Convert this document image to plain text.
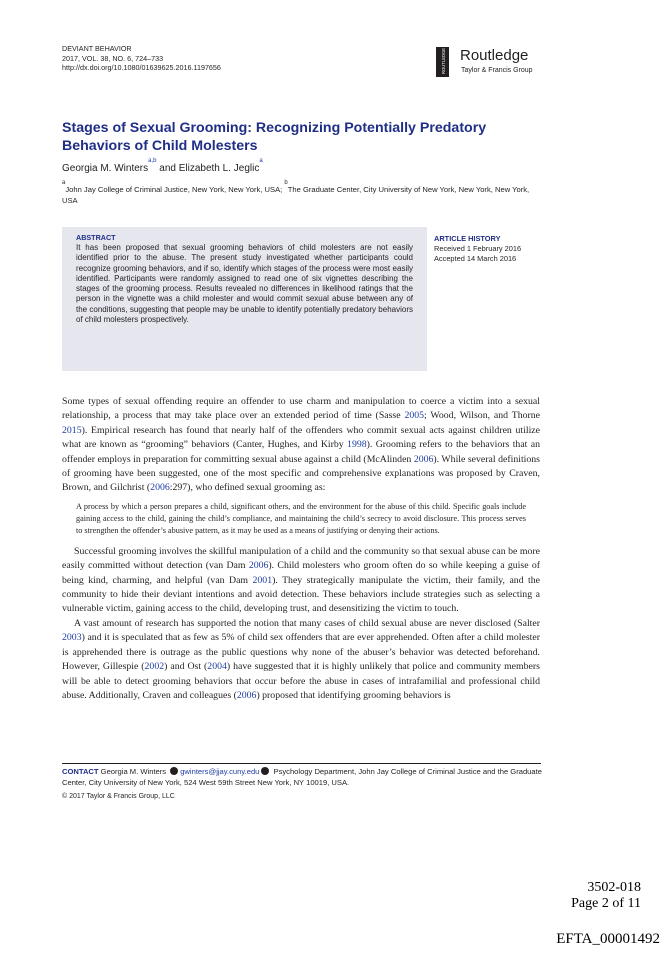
DEVIANT BEHAVIOR
2017, VOL. 38, NO. 6, 724–733
http://dx.doi.org/10.1080/01639625.2016.1197656	ROUTLEDGE Routledge
Taylor & Francis Group
Stages of Sexual Grooming: Recognizing Potentially Predatory
Behaviors of Child Molesters
Georgia M. Winters$^{a,b}$ and Elizabeth L. Jeglic$^a$
$^a$John Jay College of Criminal Justice, New York, New York, USA; $^b$The Graduate Center, City University of New York, New York, New York, USA
ABSTRACT
It has been proposed that sexual grooming behaviors of child molesters are not easily identified prior to the abuse. The present study investigated whether participants could recognize grooming behaviors, and if so, identify which stages of the process were most easily identified. Participants were randomly assigned to read one of six vignettes describing the stages of the grooming process. Results revealed no differences in likelihood ratings that the person in the vignette was a child molester and would commit sexual abuse between any of the conditions, suggesting that people may be unable to identify potentially predatory behaviors of child molesters prospectively.
ARTICLE HISTORY
Received 1 February 2016
Accepted 14 March 2016

Some types of sexual offending require an offender to use charm and manipulation to coerce a victim into a sexual relationship, a process that may take place over an extended period of time (Sasse 2005; Wood, Wilson, and Thorne 2015). Empirical research has found that nearly half of the offenders who commit sexual acts against children utilize what are known as “grooming” behaviors (Canter, Hughes, and Kirby 1998). Grooming refers to the behaviors that an offender employs in preparation for committing sexual abuse against a child (McAlinden 2006). While several definitions of grooming have been suggested, one of the most specific and comprehensive explanations was proposed by Craven, Brown, and Gilchrist (2006:297), who defined sexual grooming as:

A process by which a person prepares a child, significant others, and the environment for the abuse of this child. Specific goals include gaining access to the child, gaining the child’s compliance, and maintaining the child’s secrecy to avoid disclosure. This process serves to strengthen the offender’s abusive pattern, as it may be used as a means of justifying or denying their actions.

Successful grooming involves the skillful manipulation of a child and the community so that sexual abuse can be more easily committed without detection (van Dam 2006). Child molesters who groom often do so while keeping a guise of being kind, charming, and helpful (van Dam 2001). They strategically manipulate the victim, their family, and the community to hide their deviant intentions and avoid detection. These behaviors include strategies such as selecting a vulnerable victim, gaining access to the child, developing trust, and desensitizing the victim to touch.

A vast amount of research has supported the notion that many cases of child sexual abuse are never disclosed (Salter 2003) and it is speculated that as few as 5% of child sex offenders that are ever apprehended. Often after a child molester is apprehended there is outrage as the public questions why none of the abuser’s behavior was detected beforehand. However, Gillespie (2002) and Ost (2004) have suggested that it is highly unlikely that police and community members will be able to detect grooming behaviors that occur before the abuse in cases of intrafamilial and professional child abuse. Additionally, Craven and colleagues (2006) proposed that identifying grooming behaviors is

CONTACT Georgia M. Winters gwinters@jjay.cuny.edu Psychology Department, John Jay College of Criminal Justice and the Graduate Center, City University of New York, 524 West 59th Street New York, NY 10019, USA.
© 2017 Taylor & Francis Group, LLC
3502-018
Page 2 of 11
EFTA_00001492
